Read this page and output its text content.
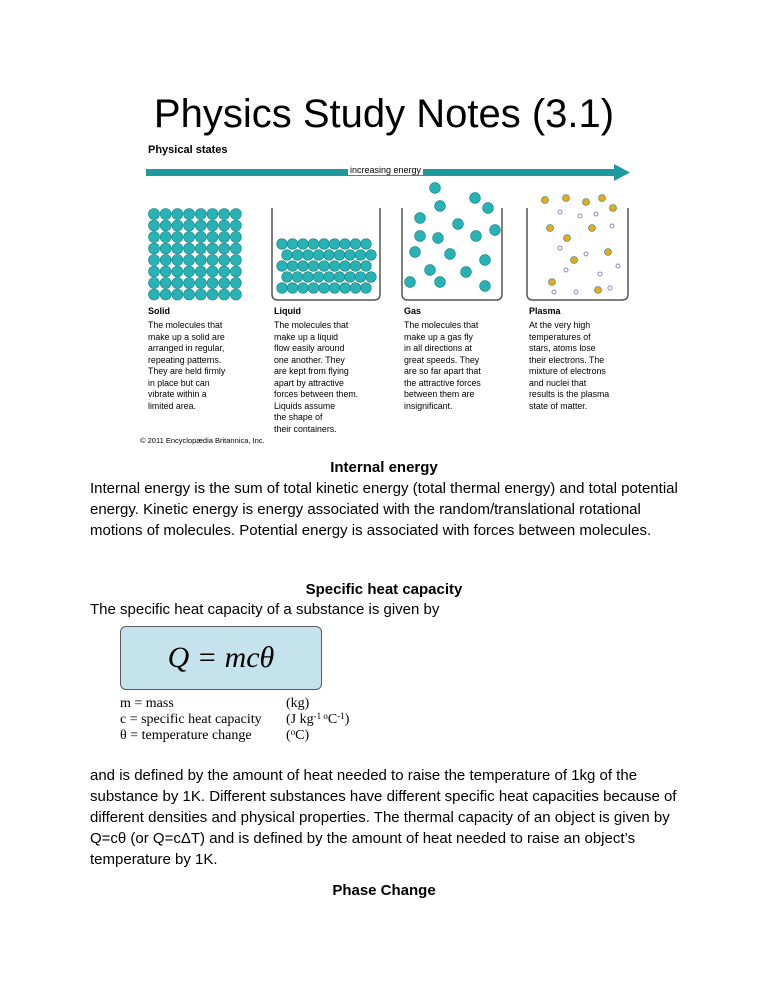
Physics Study Notes (3.1)
Physical states
increasing energy
Solid

The molecules that
make up a solid are
arranged in regular,
repeating patterns.
They are held firmly
in place but can
vibrate within a
limited area.

Liquid

The molecules that
make up a liquid
flow easily around
one another. They
are kept from flying
apart by attractive
forces between them.
Liquids assume
the shape of
their containers.

Gas

The molecules that
make up a gas fly
in all directions at
great speeds. They
are so far apart that
the attractive forces
between them are
insignificant.

Plasma

At the very high
temperatures of
stars, atoms lose
their electrons. The
mixture of electrons
and nuclei that
results is the plasma
state of matter.

© 2011 Encyclopædia Britannica, Inc.
Internal energy

Internal energy is the sum of total kinetic energy (total thermal energy) and total potential energy. Kinetic energy is energy associated with the random/translational rotational motions of molecules. Potential energy is associated with forces between molecules.

Specific heat capacity

The specific heat capacity of a substance is given by

Q = mcθ
m = mass	(kg)
c = specific heat capacity	(J $kg^{-1 o}C^{-1}$)
θ = temperature change	($^o$C)

and is defined by the amount of heat needed to raise the temperature of 1kg of the substance by 1K. Different substances have different specific heat capacities because of different densities and physical properties. The thermal capacity of an object is given by Q=cθ (or Q=cΔT) and is defined by the amount of heat needed to raise an object’s temperature by 1K.

Phase Change
